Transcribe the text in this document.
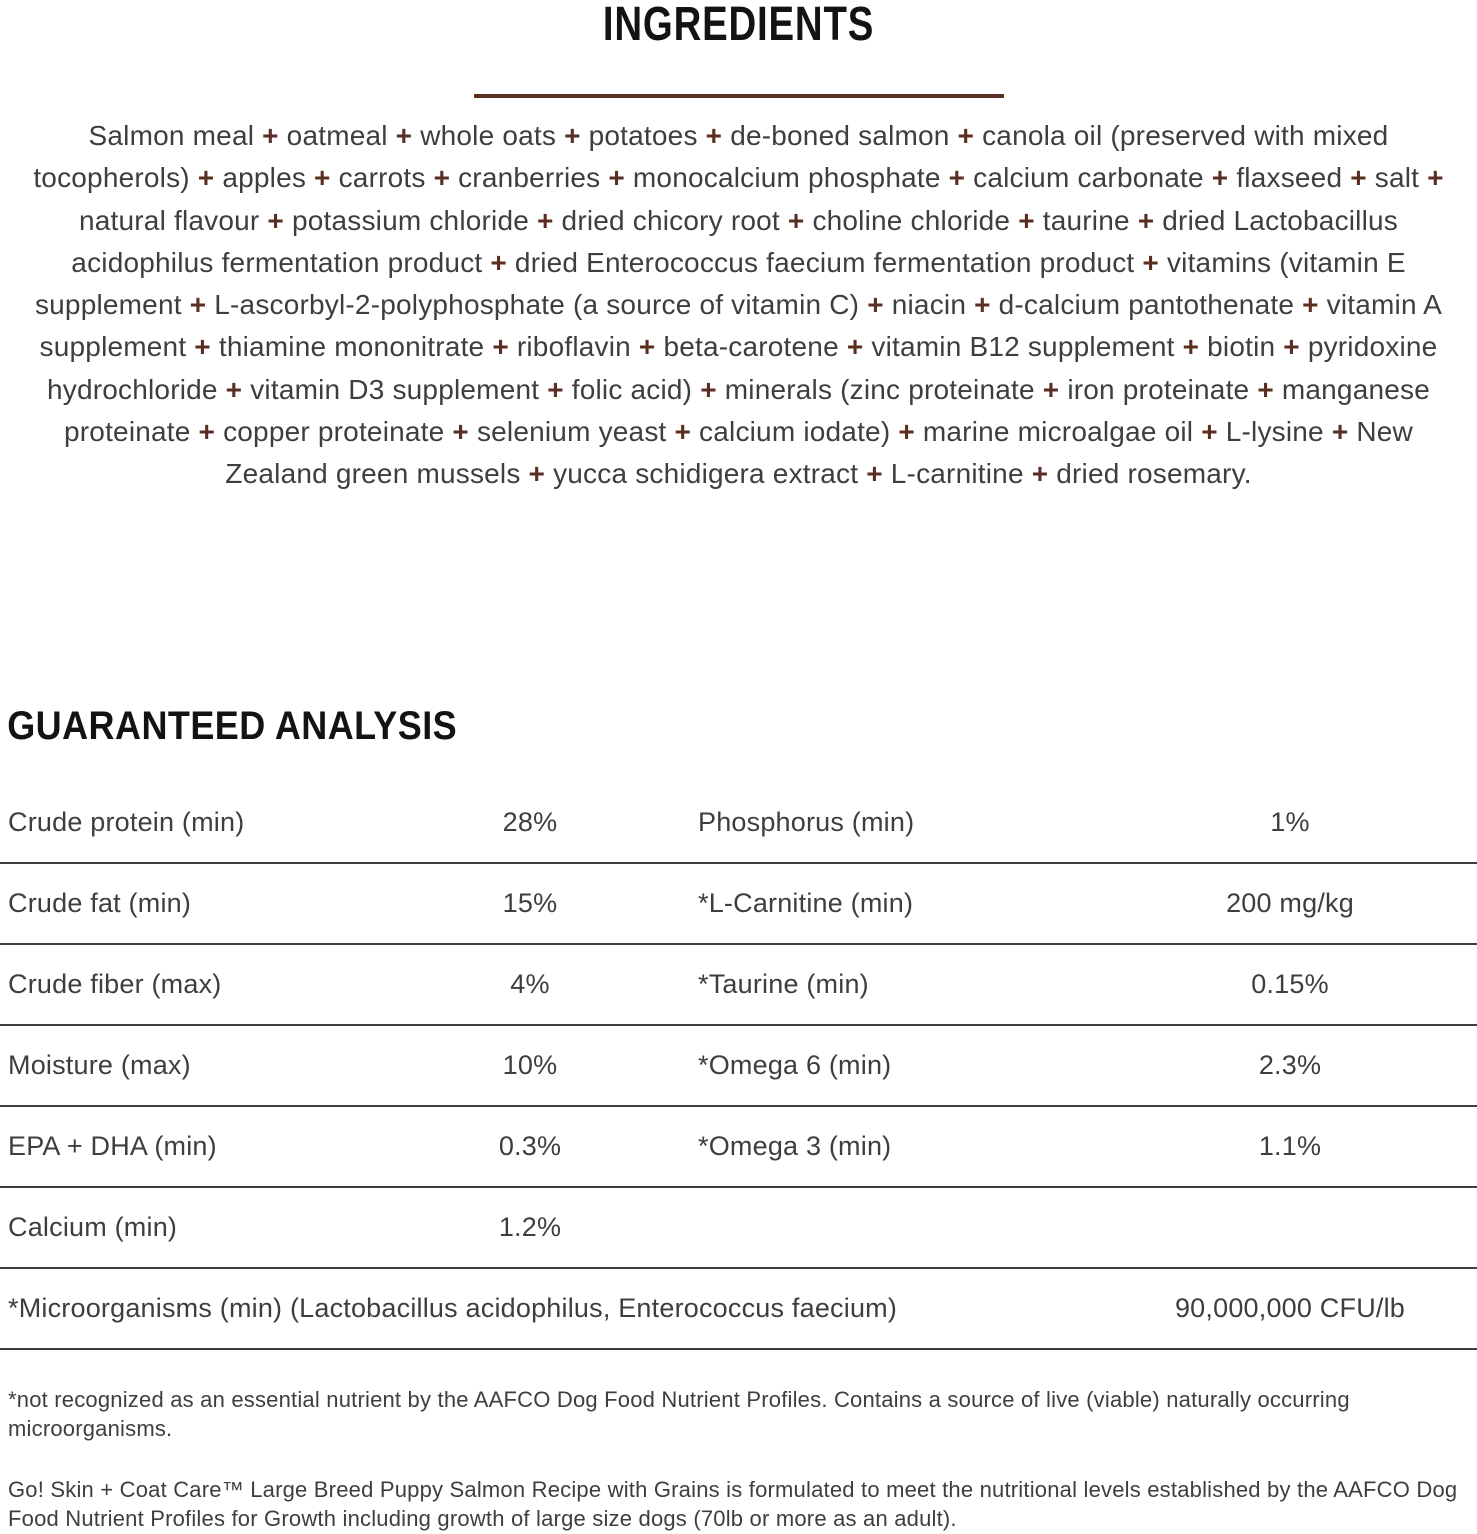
INGREDIENTS
Salmon meal + oatmeal + whole oats + potatoes + de-boned salmon + canola oil (preserved with mixed tocopherols) + apples + carrots + cranberries + monocalcium phosphate + calcium carbonate + flaxseed + salt + natural flavour + potassium chloride + dried chicory root + choline chloride + taurine + dried Lactobacillus acidophilus fermentation product + dried Enterococcus faecium fermentation product + vitamins (vitamin E supplement + L-ascorbyl-2-polyphosphate (a source of vitamin C) + niacin + d-calcium pantothenate + vitamin A supplement + thiamine mononitrate + riboflavin + beta-carotene + vitamin B12 supplement + biotin + pyridoxine hydrochloride + vitamin D3 supplement + folic acid) + minerals (zinc proteinate + iron proteinate + manganese proteinate + copper proteinate + selenium yeast + calcium iodate) + marine microalgae oil + L-lysine + New Zealand green mussels + yucca schidigera extract + L-carnitine + dried rosemary.
GUARANTEED ANALYSIS
Crude protein (min)	28%	Phosphorus (min)	1%
Crude fat (min)	15%	*L-Carnitine (min)	200 mg/kg
Crude fiber (max)	4%	*Taurine (min)	0.15%
Moisture (max)	10%	*Omega 6 (min)	2.3%
EPA + DHA (min)	0.3%	*Omega 3 (min)	1.1%
Calcium (min)	1.2%
*Microorganisms (min) (Lactobacillus acidophilus, Enterococcus faecium)	90,000,000 CFU/lb
*not recognized as an essential nutrient by the AAFCO Dog Food Nutrient Profiles. Contains a source of live (viable) naturally occurring microorganisms.
Go! Skin + Coat Care™ Large Breed Puppy Salmon Recipe with Grains is formulated to meet the nutritional levels established by the AAFCO Dog Food Nutrient Profiles for Growth including growth of large size dogs (70lb or more as an adult).
